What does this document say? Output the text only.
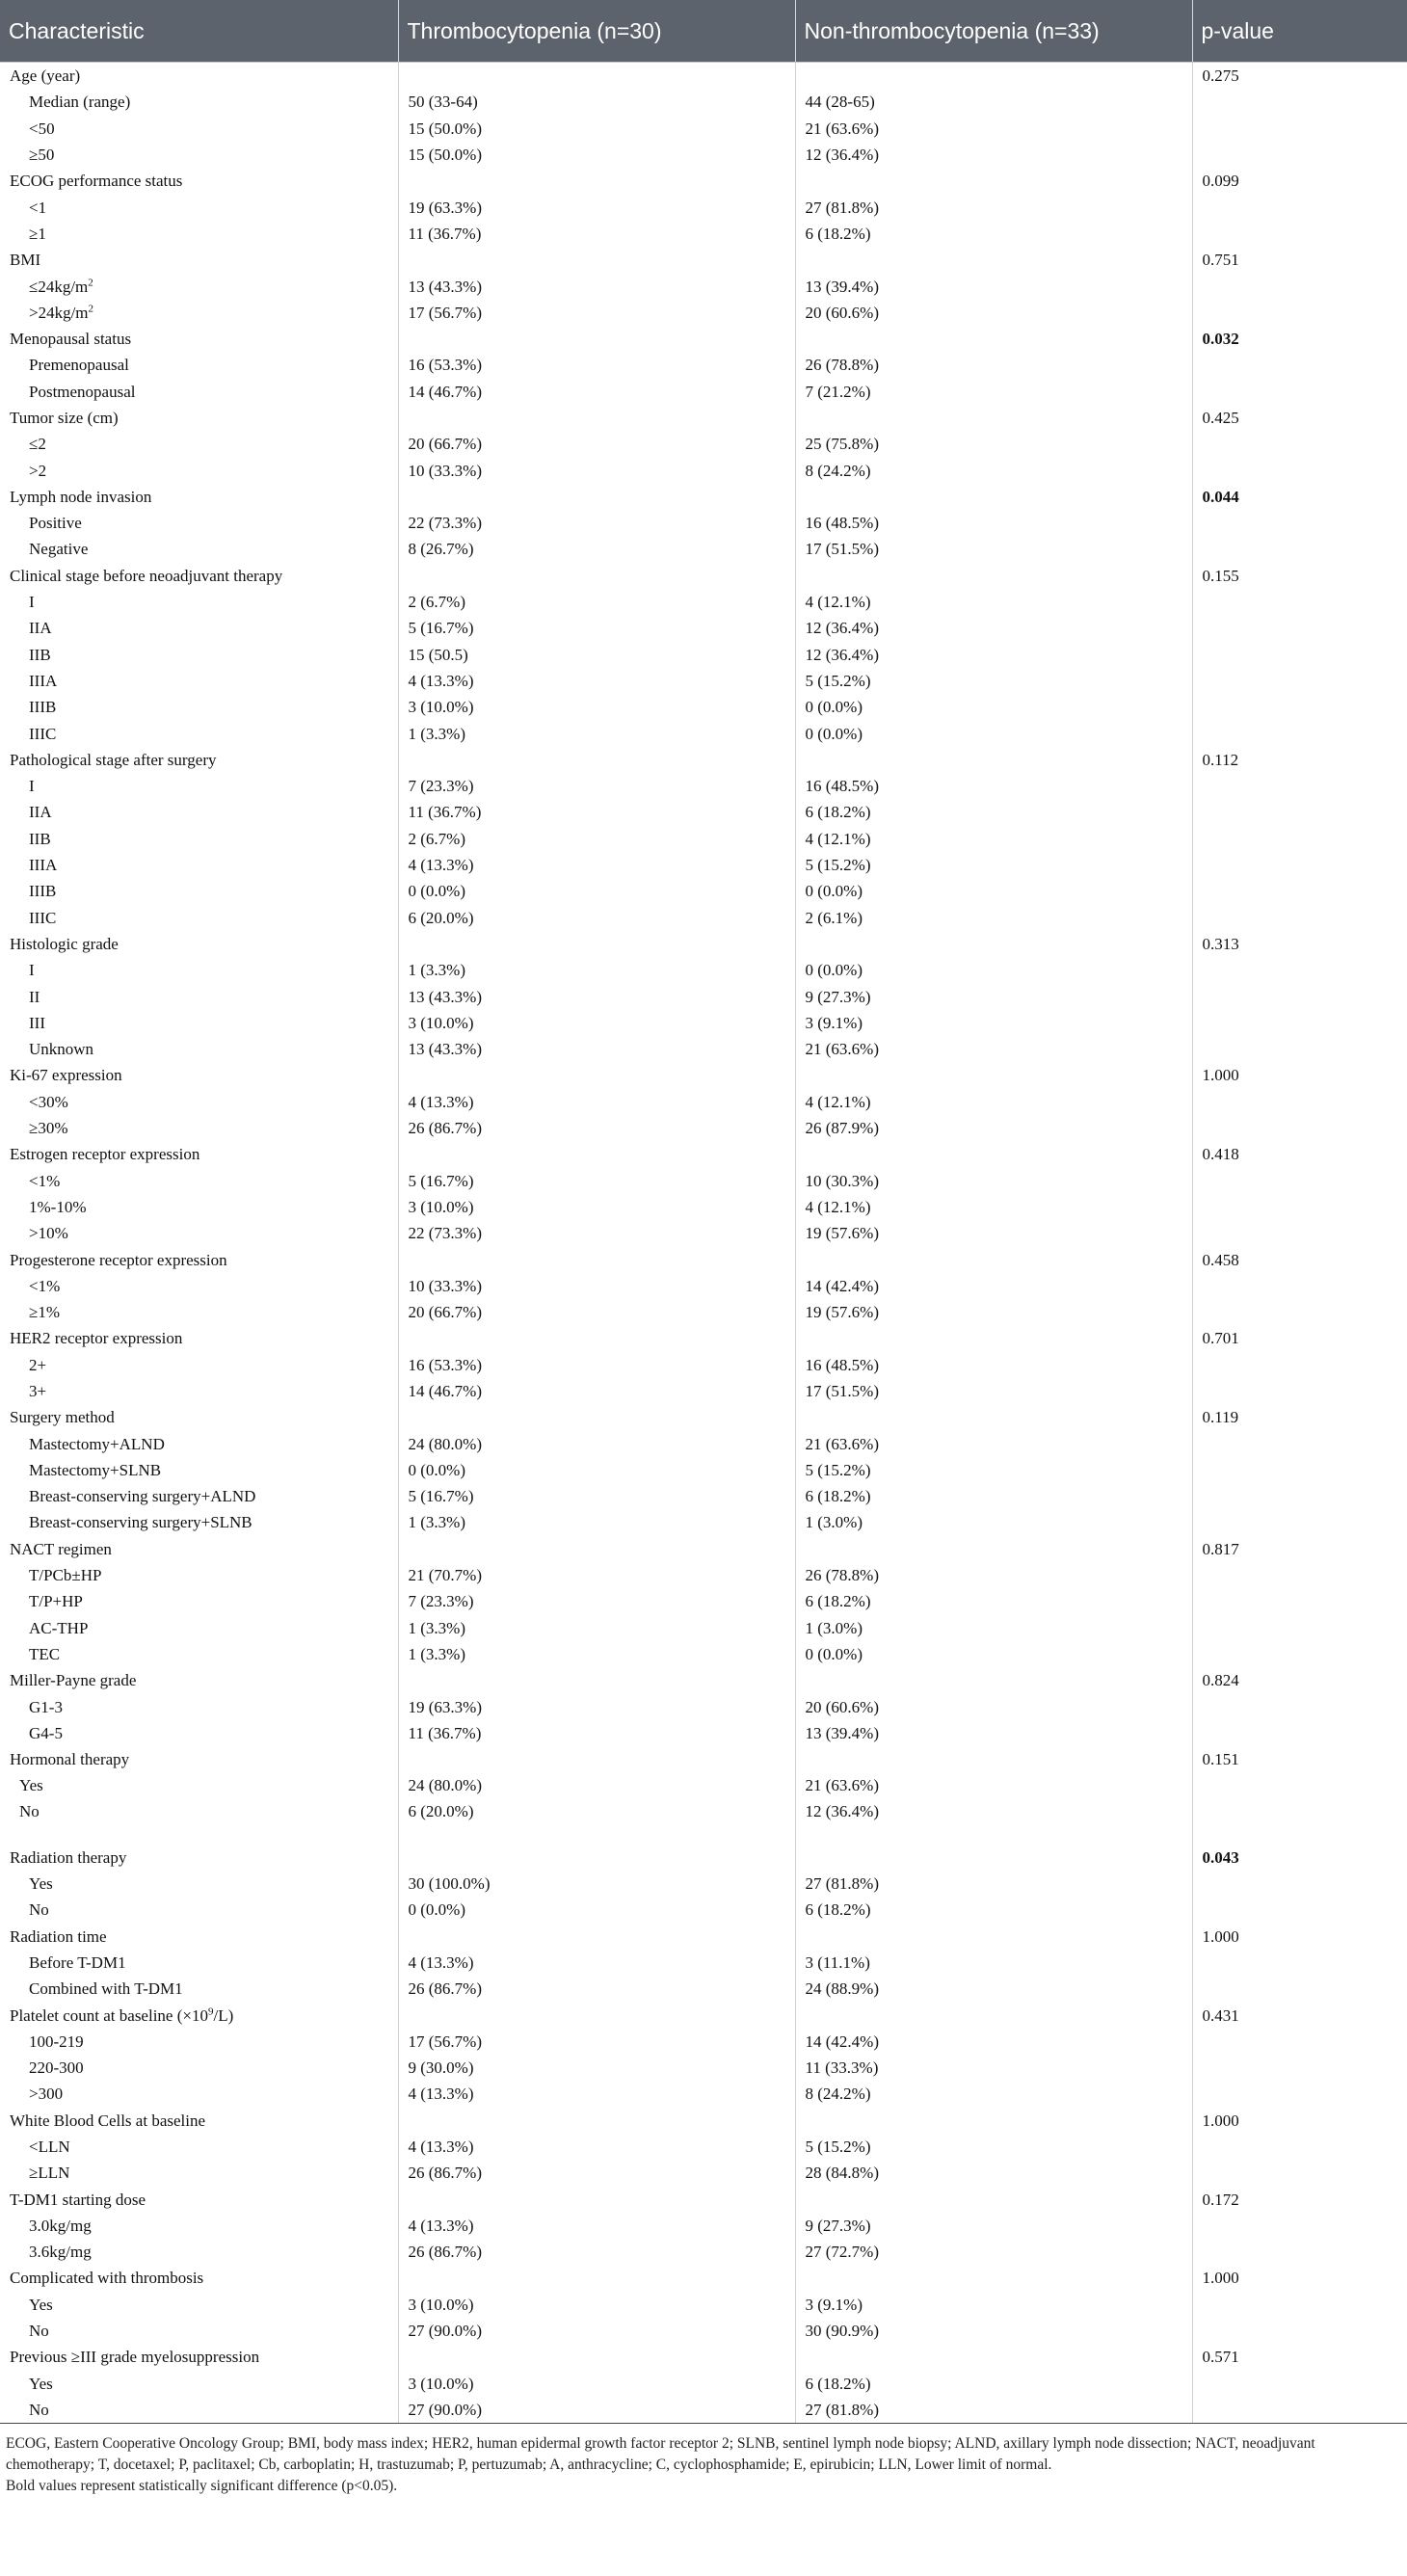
Characteristic	Thrombocytopenia (n=30)	Non-thrombocytopenia (n=33)	p-value
Age (year)			0.275
Median (range)	50 (33-64)	44 (28-65)	
<50	15 (50.0%)	21 (63.6%)	
≥50	15 (50.0%)	12 (36.4%)	
ECOG performance status			0.099
<1	19 (63.3%)	27 (81.8%)	
≥1	11 (36.7%)	6 (18.2%)	
BMI			0.751
$\le 24kg/m^2$	13 (43.3%)	13 (39.4%)	
$>24kg/m^2$	17 (56.7%)	20 (60.6%)	
Menopausal status			0.032
Premenopausal	16 (53.3%)	26 (78.8%)	
Postmenopausal	14 (46.7%)	7 (21.2%)	
Tumor size (cm)			0.425
≤2	20 (66.7%)	25 (75.8%)	
>2	10 (33.3%)	8 (24.2%)	
Lymph node invasion			0.044
Positive	22 (73.3%)	16 (48.5%)	
Negative	8 (26.7%)	17 (51.5%)	
Clinical stage before neoadjuvant therapy			0.155
I	2 (6.7%)	4 (12.1%)	
IIA	5 (16.7%)	12 (36.4%)	
IIB	15 (50.5)	12 (36.4%)	
IIIA	4 (13.3%)	5 (15.2%)	
IIIB	3 (10.0%)	0 (0.0%)	
IIIC	1 (3.3%)	0 (0.0%)	
Pathological stage after surgery			0.112
I	7 (23.3%)	16 (48.5%)	
IIA	11 (36.7%)	6 (18.2%)	
IIB	2 (6.7%)	4 (12.1%)	
IIIA	4 (13.3%)	5 (15.2%)	
IIIB	0 (0.0%)	0 (0.0%)	
IIIC	6 (20.0%)	2 (6.1%)	
Histologic grade			0.313
I	1 (3.3%)	0 (0.0%)	
II	13 (43.3%)	9 (27.3%)	
III	3 (10.0%)	3 (9.1%)	
Unknown	13 (43.3%)	21 (63.6%)	
Ki-67 expression			1.000
<30%	4 (13.3%)	4 (12.1%)	
≥30%	26 (86.7%)	26 (87.9%)	
Estrogen receptor expression			0.418
<1%	5 (16.7%)	10 (30.3%)	
1%-10%	3 (10.0%)	4 (12.1%)	
>10%	22 (73.3%)	19 (57.6%)	
Progesterone receptor expression			0.458
<1%	10 (33.3%)	14 (42.4%)	
≥1%	20 (66.7%)	19 (57.6%)	
HER2 receptor expression			0.701
2+	16 (53.3%)	16 (48.5%)	
3+	14 (46.7%)	17 (51.5%)	
Surgery method			0.119
Mastectomy+ALND	24 (80.0%)	21 (63.6%)	
Mastectomy+SLNB	0 (0.0%)	5 (15.2%)	
Breast-conserving surgery+ALND	5 (16.7%)	6 (18.2%)	
Breast-conserving surgery+SLNB	1 (3.3%)	1 (3.0%)	
NACT regimen			0.817
T/PCb±HP	21 (70.7%)	26 (78.8%)	
T/P+HP	7 (23.3%)	6 (18.2%)	
AC-THP	1 (3.3%)	1 (3.0%)	
TEC	1 (3.3%)	0 (0.0%)	
Miller-Payne grade			0.824
G1-3	19 (63.3%)	20 (60.6%)	
G4-5	11 (36.7%)	13 (39.4%)	
Hormonal therapy			0.151
Yes	24 (80.0%)	21 (63.6%)	
No	6 (20.0%)	12 (36.4%)	
Radiation therapy			0.043
Yes	30 (100.0%)	27 (81.8%)	
No	0 (0.0%)	6 (18.2%)	
Radiation time			1.000
Before T-DM1	4 (13.3%)	3 (11.1%)	
Combined with T-DM1	26 (86.7%)	24 (88.9%)	
Platelet count at baseline $(\times 10^9/L)$			0.431
100-219	17 (56.7%)	14 (42.4%)	
220-300	9 (30.0%)	11 (33.3%)	
>300	4 (13.3%)	8 (24.2%)	
White Blood Cells at baseline			1.000
<LLN	4 (13.3%)	5 (15.2%)	
≥LLN	26 (86.7%)	28 (84.8%)	
T-DM1 starting dose			0.172
3.0kg/mg	4 (13.3%)	9 (27.3%)	
3.6kg/mg	26 (86.7%)	27 (72.7%)	
Complicated with thrombosis			1.000
Yes	3 (10.0%)	3 (9.1%)	
No	27 (90.0%)	30 (90.9%)	
Previous ≥III grade myelosuppression			0.571
Yes	3 (10.0%)	6 (18.2%)	
No	27 (90.0%)	27 (81.8%)	

ECOG, Eastern Cooperative Oncology Group; BMI, body mass index; HER2, human epidermal growth factor receptor 2; SLNB, sentinel lymph node biopsy; ALND, axillary lymph node dissection; NACT, neoadjuvant chemotherapy; T, docetaxel; P, paclitaxel; Cb, carboplatin; H, trastuzumab; P, pertuzumab; A, anthracycline; C, cyclophosphamide; E, epirubicin; LLN, Lower limit of normal.

Bold values represent statistically significant difference (p<0.05).
